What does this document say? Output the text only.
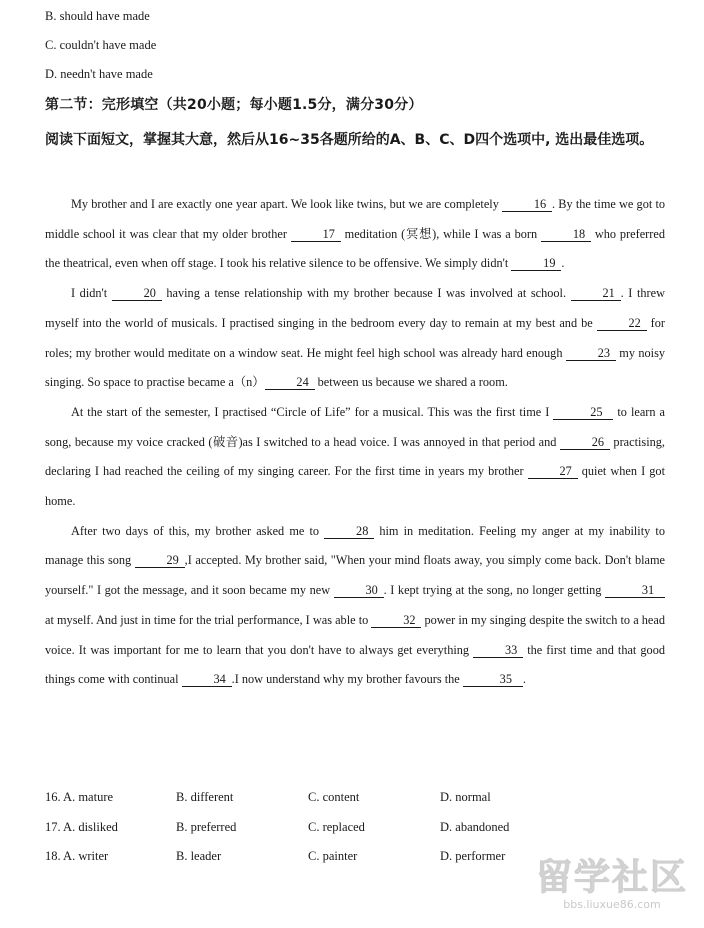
B. should have made
C. couldn't have made
D. needn't have made
第二节：完形填空（共20小题；每小题1.5分，满分30分）
阅读下面短文，掌握其大意，然后从16~35各题所给的A、B、C、D四个选项中, 选出最佳选项。

My brother and I are exactly one year apart. We look like twins, but we are completely	16 . By the time we got to middle school it was clear that my older brother	17 meditation (冥想), while I was a born	18 who preferred the theatrical, even when off stage. I took his relative silence to be offensive. We simply didn't	19 .

I didn't	20 having a tense relationship with my brother because I was involved at school.	21 . I threw myself into the world of musicals. I practised singing in the bedroom every day to remain at my best and be	22 for roles; my brother would meditate on a window seat. He might feel high school was already hard enough	23 my noisy singing. So space to practise became a（n）	24 between us because we shared a room.

At the start of the semester, I practised “Circle of Life” for a musical. This was the first time I	25 to learn a song, because my voice cracked (破音)as I switched to a head voice. I was annoyed in that period and	26 practising, declaring I had reached the ceiling of my singing career. For the first time in years my brother	27 quiet when I got home.

After two days of this, my brother asked me to	28 him in meditation. Feeling my anger at my inability to manage this song	29 ,I accepted. My brother said, "When your mind floats away, you simply come back. Don't blame yourself." I got the message, and it soon became my new	30 . I kept trying at the song, no longer getting	31 at myself. And just in time for the trial performance, I was able to	32 power in my singing despite the switch to a head voice. It was important for me to learn that you don't have to always get everything	33 the first time and that good things come with continual	34 .I now understand why my brother favours the	35 .

16. A. mature	B. different	C. content	D. normal
17. A. disliked	B. preferred	C. replaced	D. abandoned
18. A. writer	B. leader	C. painter	D. performer
留学社区
bbs.liuxue86.com
